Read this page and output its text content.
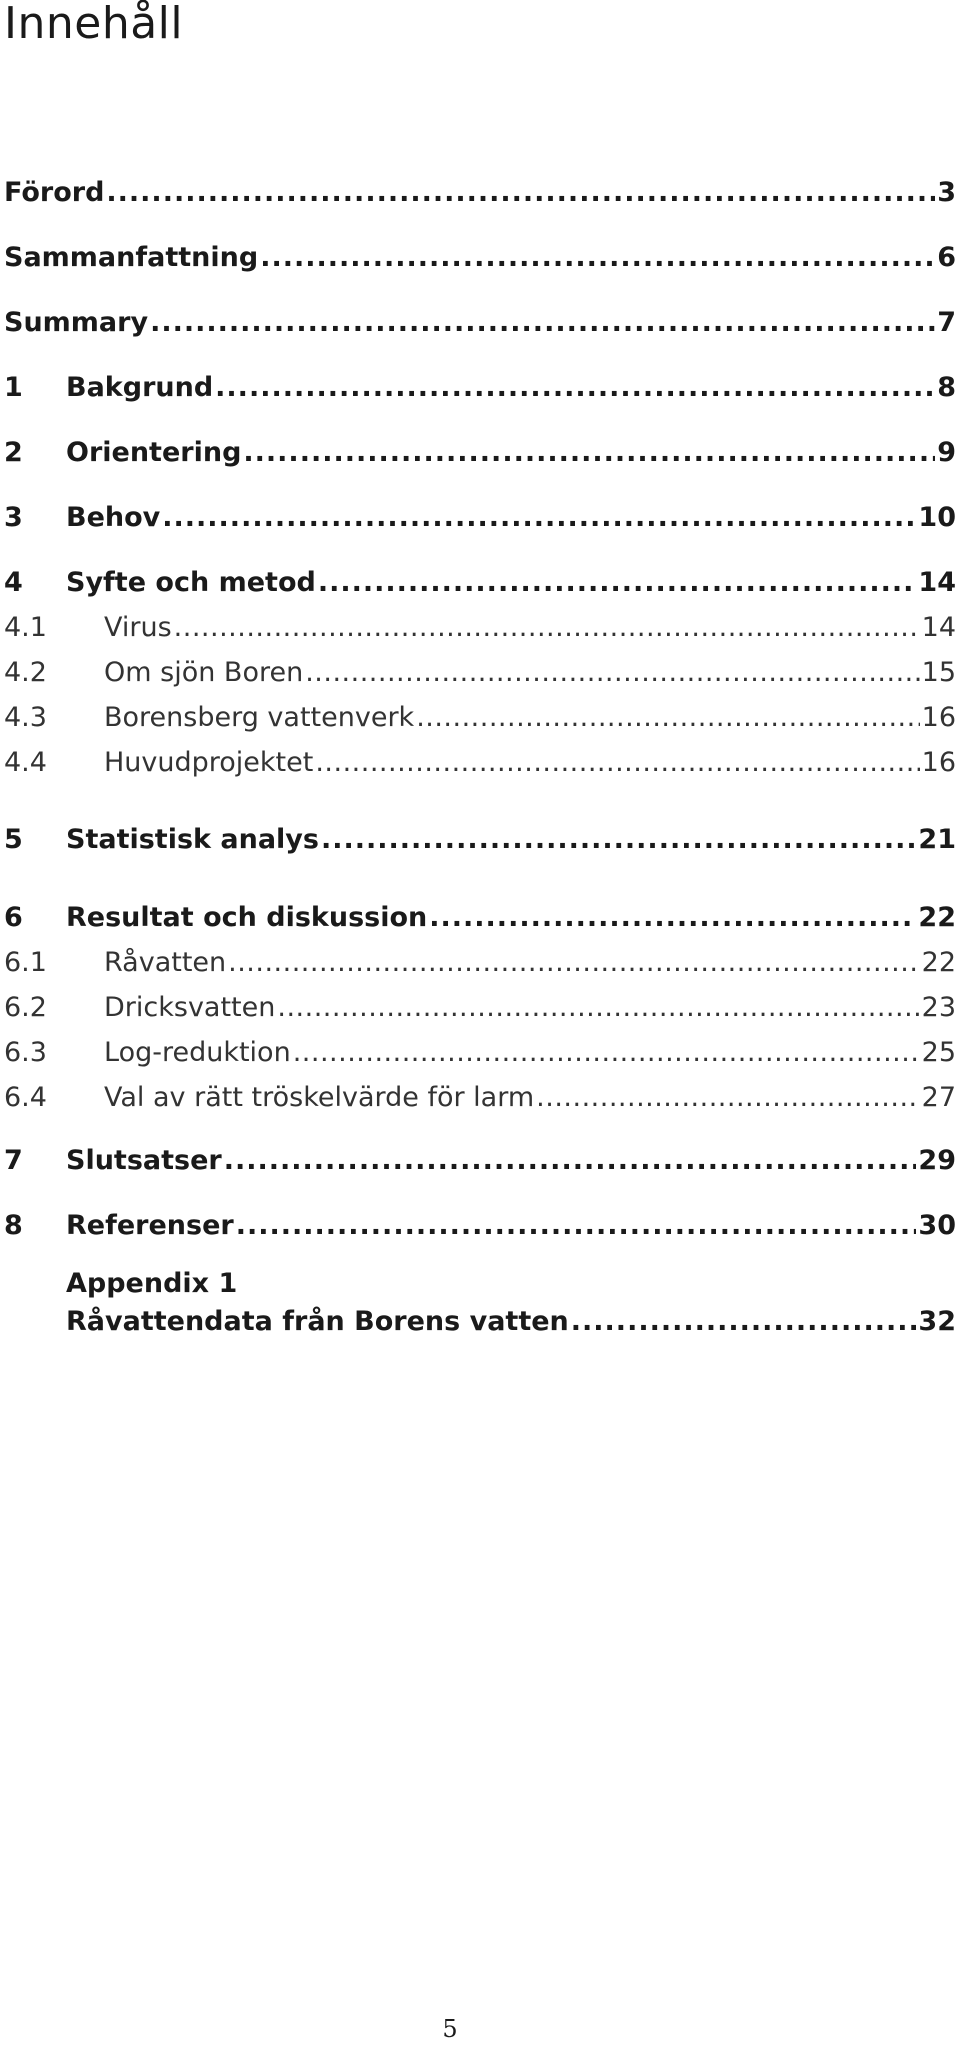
Innehåll
Förord .....	3
Sammanfattning .....	6
Summary .....	7
1	Bakgrund .....	8
2	Orientering .....	9
3	Behov .....	10
4	Syfte och metod .....	14
4.1	Virus .....	14
4.2	Om sjön Boren .....	15
4.3	Borensberg vattenverk .....	16
4.4	Huvudprojektet .....	16
5	Statistisk analys .....	21
6	Resultat och diskussion .....	22
6.1	Råvatten .....	22
6.2	Dricksvatten .....	23
6.3	Log-reduktion .....	25
6.4	Val av rätt tröskelvärde för larm .....	27
7	Slutsatser .....	29
8	Referenser .....	30
Appendix 1
Råvattendata från Borens vatten .....	32
5
